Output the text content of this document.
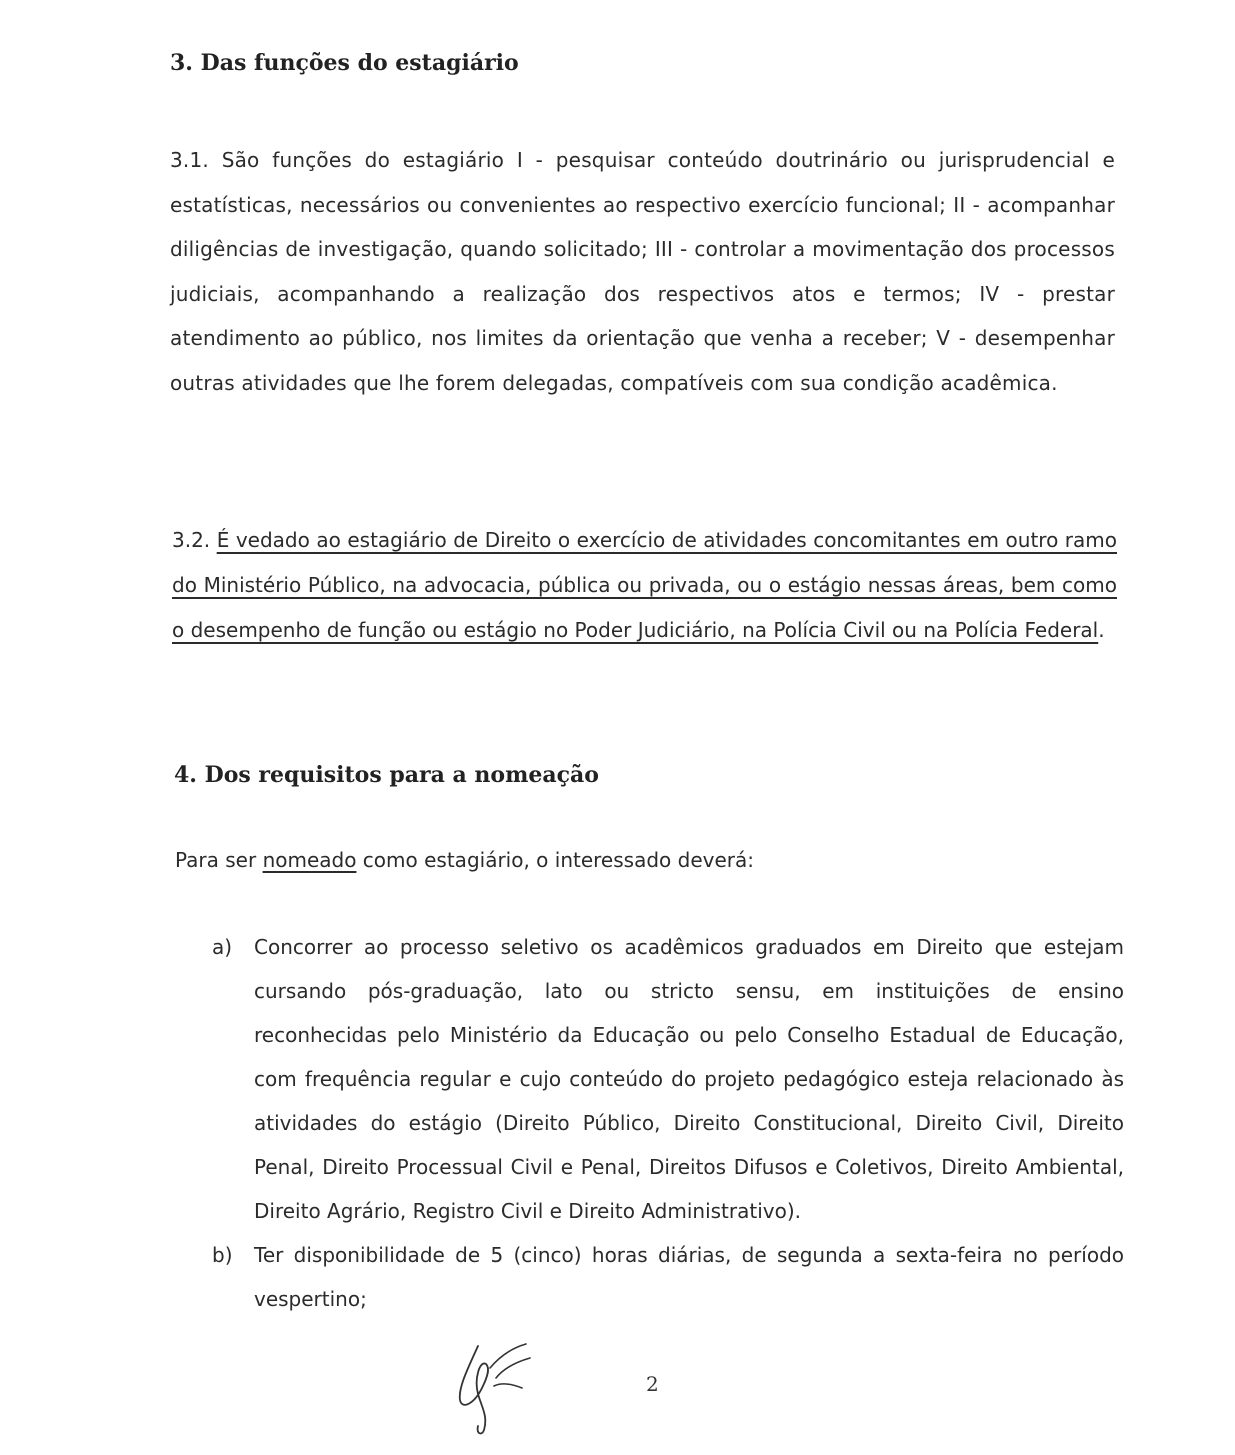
3. Das funções do estagiário

3.1. São funções do estagiário I - pesquisar conteúdo doutrinário ou jurisprudencial e estatísticas, necessários ou convenientes ao respectivo exercício funcional; II - acompanhar diligências de investigação, quando solicitado; III - controlar a movimentação dos processos judiciais, acompanhando a realização dos respectivos atos e termos; IV - prestar atendimento ao público, nos limites da orientação que venha a receber; V - desempenhar outras atividades que lhe forem delegadas, compatíveis com sua condição acadêmica.

3.2. É vedado ao estagiário de Direito o exercício de atividades concomitantes em outro ramo do Ministério Público, na advocacia, pública ou privada, ou o estágio nessas áreas, bem como o desempenho de função ou estágio no Poder Judiciário, na Polícia Civil ou na Polícia Federal.

4. Dos requisitos para a nomeação

Para ser nomeado como estagiário, o interessado deverá:

a) Concorrer ao processo seletivo os acadêmicos graduados em Direito que estejam cursando pós-graduação, lato ou stricto sensu, em instituições de ensino reconhecidas pelo Ministério da Educação ou pelo Conselho Estadual de Educação, com frequência regular e cujo conteúdo do projeto pedagógico esteja relacionado às atividades do estágio (Direito Público, Direito Constitucional, Direito Civil, Direito Penal, Direito Processual Civil e Penal, Direitos Difusos e Coletivos, Direito Ambiental, Direito Agrário, Registro Civil e Direito Administrativo).
b) Ter disponibilidade de 5 (cinco) horas diárias, de segunda a sexta-feira no período vespertino;
2
